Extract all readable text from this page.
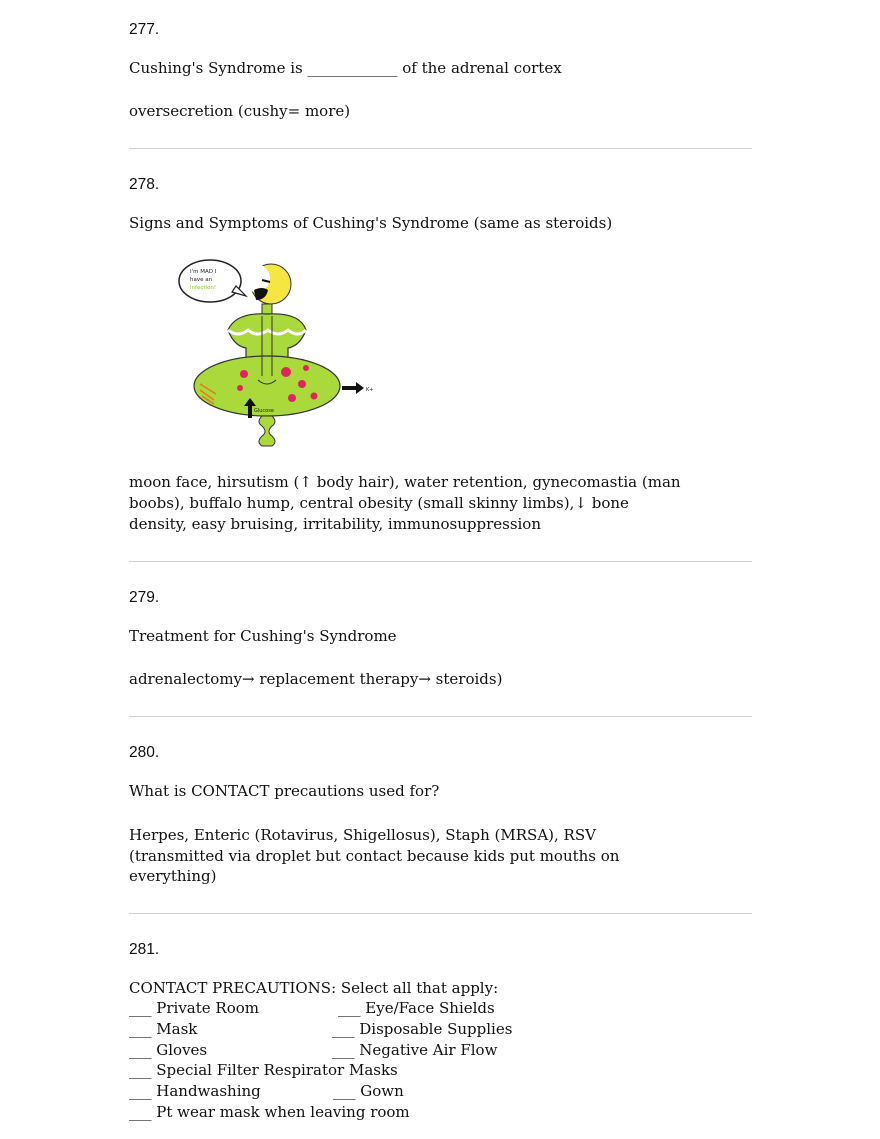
277.
Cushing's Syndrome is ____________ of the adrenal cortex
oversecretion (cushy= more)
278.
Signs and Symptoms of Cushing's Syndrome (same as steroids)
I'm MAD I
have an
infection!
Glucose
K+
moon face, hirsutism (↑ body hair), water retention, gynecomastia (man
boobs), buffalo hump, central obesity (small skinny limbs),↓ bone
density, easy bruising, irritability, immunosuppression
279.
Treatment for Cushing's Syndrome
adrenalectomy→ replacement therapy→ steroids)
280.
What is CONTACT precautions used for?
Herpes, Enteric (Rotavirus, Shigellosus), Staph (MRSA), RSV
(transmitted via droplet but contact because kids put mouths on
everything)
281.
CONTACT PRECAUTIONS: Select all that apply:
___ Private Room
___ Mask
___ Gloves
___ Special Filter Respirator Masks
___ Handwashing
___ Pt wear mask when leaving room
___ Eye/Face Shields
___ Disposable Supplies
___ Negative Air Flow
___ Gown
